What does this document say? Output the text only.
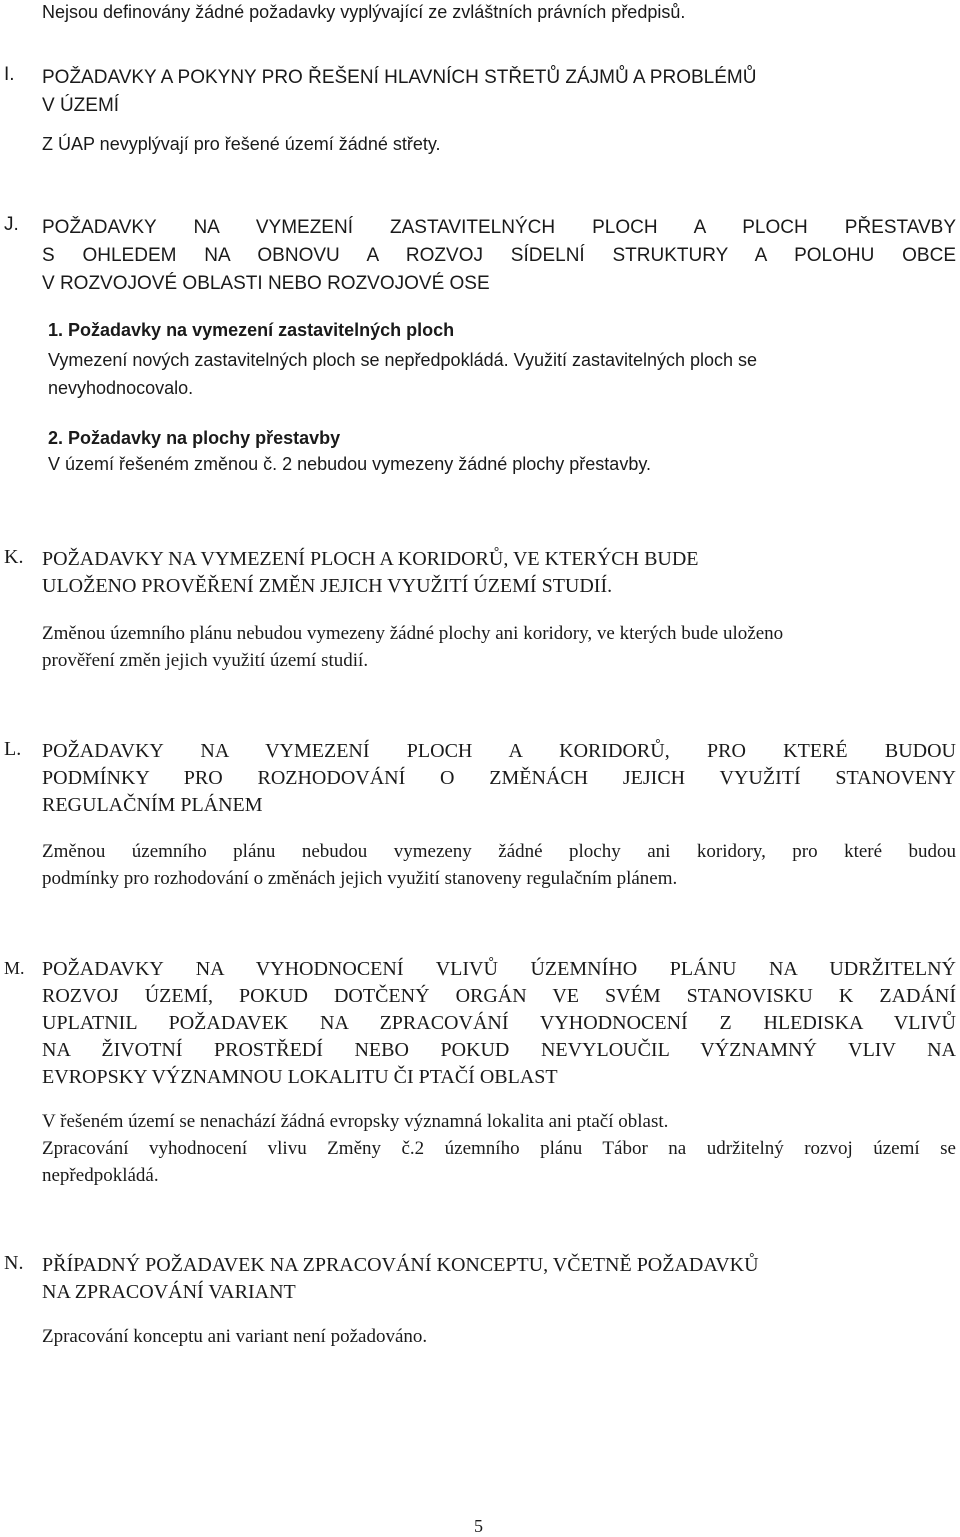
Nejsou definovány žádné požadavky vyplývající ze zvláštních právních předpisů.
I. POŽADAVKY A POKYNY PRO ŘEŠENÍ HLAVNÍCH STŘETŮ ZÁJMŮ A PROBLÉMŮ
V ÚZEMÍ
Z ÚAP nevyplývají pro řešené území žádné střety.
J. POŽADAVKY NA VYMEZENÍ ZASTAVITELNÝCH PLOCH A PLOCH PŘESTAVBY
S OHLEDEM NA OBNOVU A ROZVOJ SÍDELNÍ STRUKTURY A POLOHU OBCE
V ROZVOJOVÉ OBLASTI NEBO ROZVOJOVÉ OSE
1. Požadavky na vymezení zastavitelných ploch
Vymezení nových zastavitelných ploch se nepředpokládá. Využití zastavitelných ploch se
nevyhodnocovalo.
2. Požadavky na plochy přestavby
V území řešeném změnou č. 2 nebudou vymezeny žádné plochy přestavby.
K. POŽADAVKY NA VYMEZENÍ PLOCH A KORIDORŮ, VE KTERÝCH BUDE
ULOŽENO PROVĚŘENÍ ZMĚN JEJICH VYUŽITÍ ÚZEMÍ STUDIÍ.
Změnou územního plánu nebudou vymezeny žádné plochy ani koridory, ve kterých bude uloženo
prověření změn jejich využití území studií.
L. POŽADAVKY NA VYMEZENÍ PLOCH A KORIDORŮ, PRO KTERÉ BUDOU
PODMÍNKY PRO ROZHODOVÁNÍ O ZMĚNÁCH JEJICH VYUŽITÍ STANOVENY
REGULAČNÍM PLÁNEM
Změnou územního plánu nebudou vymezeny žádné plochy ani koridory, pro které budou
podmínky pro rozhodování o změnách jejich využití stanoveny regulačním plánem.
M. POŽADAVKY NA VYHODNOCENÍ VLIVŮ ÚZEMNÍHO PLÁNU NA UDRŽITELNÝ
ROZVOJ ÚZEMÍ, POKUD DOTČENÝ ORGÁN VE SVÉM STANOVISKU K ZADÁNÍ
UPLATNIL POŽADAVEK NA ZPRACOVÁNÍ VYHODNOCENÍ Z HLEDISKA VLIVŮ
NA ŽIVOTNÍ PROSTŘEDÍ NEBO POKUD NEVYLOUČIL VÝZNAMNÝ VLIV NA
EVROPSKY VÝZNAMNOU LOKALITU ČI PTAČÍ OBLAST
V řešeném území se nenachází žádná evropsky významná lokalita ani ptačí oblast.
Zpracování vyhodnocení vlivu Změny č.2 územního plánu Tábor na udržitelný rozvoj území se
nepředpokládá.
N. PŘÍPADNÝ POŽADAVEK NA ZPRACOVÁNÍ KONCEPTU, VČETNĚ POŽADAVKŮ
NA ZPRACOVÁNÍ VARIANT
Zpracování konceptu ani variant není požadováno.
5
